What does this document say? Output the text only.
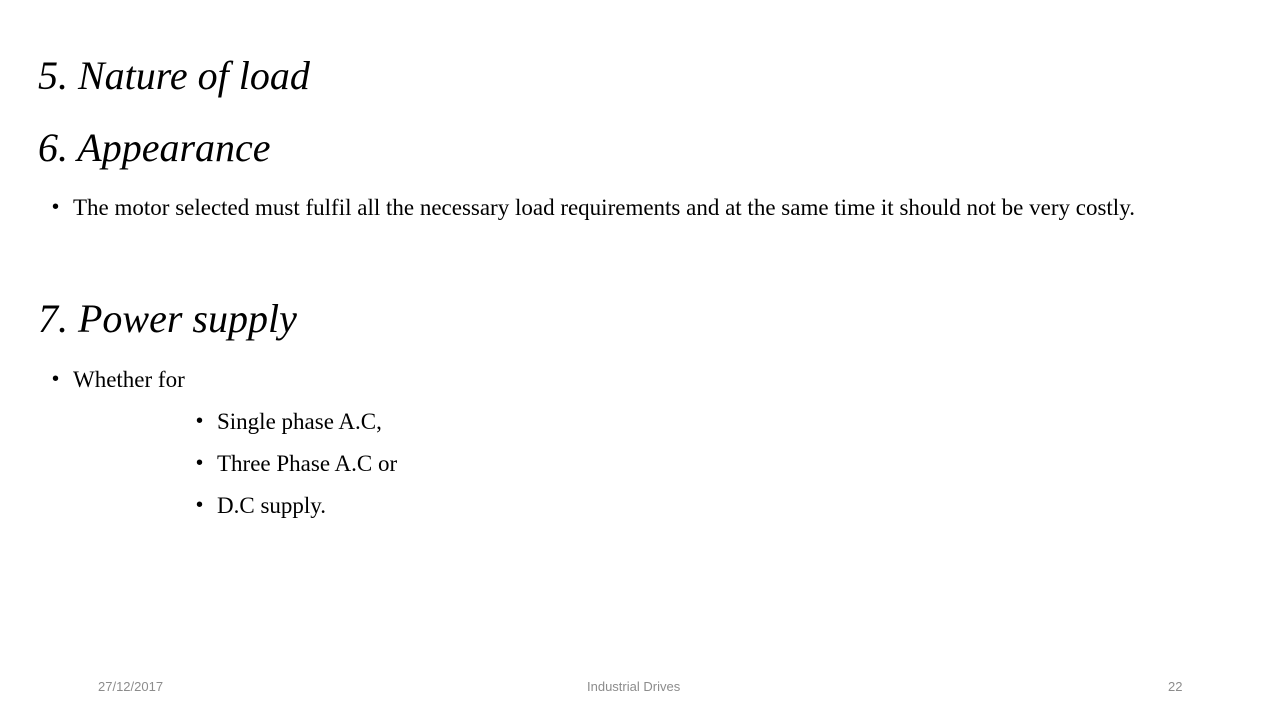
5. Nature of load
6. Appearance
• The motor selected must fulfil all the necessary load requirements and at the same time it should not be very costly.
7. Power supply
• Whether for
• Single phase A.C,
• Three Phase A.C or
• D.C supply.
27/12/2017	Industrial Drives	22
